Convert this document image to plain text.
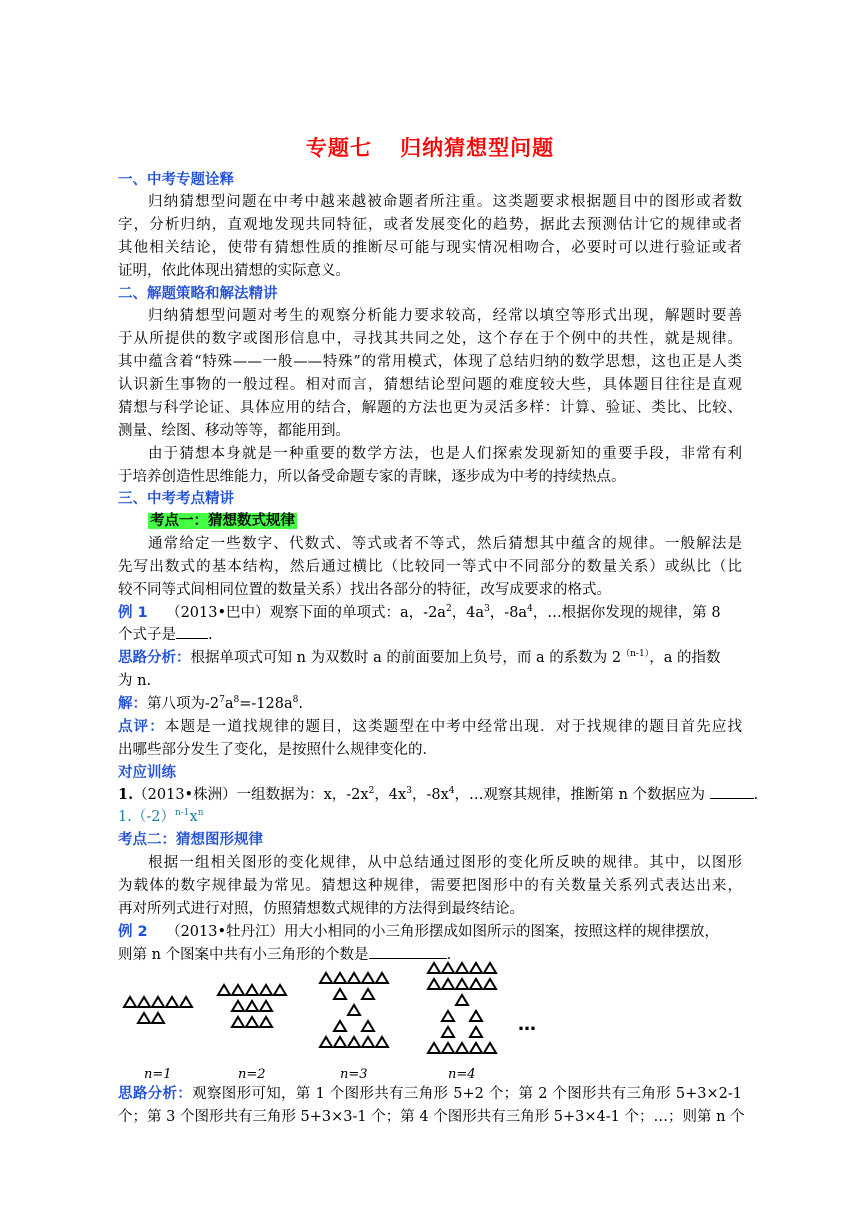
专题七 归纳猜想型问题
一、中考专题诠释
归纳猜想型问题在中考中越来越被命题者所注重。这类题要求根据题目中的图形或者数
字，分析归纳，直观地发现共同特征，或者发展变化的趋势，据此去预测估计它的规律或者
其他相关结论，使带有猜想性质的推断尽可能与现实情况相吻合，必要时可以进行验证或者
证明，依此体现出猜想的实际意义。
二、解题策略和解法精讲
归纳猜想型问题对考生的观察分析能力要求较高，经常以填空等形式出现，解题时要善
于从所提供的数字或图形信息中，寻找其共同之处，这个存在于个例中的共性，就是规律。
其中蕴含着“特殊——一般——特殊”的常用模式，体现了总结归纳的数学思想，这也正是人类
认识新生事物的一般过程。相对而言，猜想结论型问题的难度较大些，具体题目往往是直观
猜想与科学论证、具体应用的结合，解题的方法也更为灵活多样：计算、验证、类比、比较、
测量、绘图、移动等等，都能用到。
由于猜想本身就是一种重要的数学方法，也是人们探索发现新知的重要手段，非常有利
于培养创造性思维能力，所以备受命题专家的青睐，逐步成为中考的持续热点。
三、中考考点精讲
考点一：猜想数式规律
通常给定一些数字、代数式、等式或者不等式，然后猜想其中蕴含的规律。一般解法是
先写出数式的基本结构，然后通过横比（比较同一等式中不同部分的数量关系）或纵比（比
较不同等式间相同位置的数量关系）找出各部分的特征，改写成要求的格式。
例 1 （2013•巴中）观察下面的单项式：a，$-2a^2$，$4a^3$，$-8a^4$，…根据你发现的规律，第 8
个式子是 .
思路分析：根据单项式可知 n 为双数时 a 的前面要加上负号，而 a 的系数为 $2^{(n-1)}$，a 的指数
为 n.
解：第八项为$-2^7a^8=-128a^8$.
点评：本题是一道找规律的题目，这类题型在中考中经常出现．对于找规律的题目首先应找
出哪些部分发生了变化，是按照什么规律变化的．
对应训练
1.（2013•株洲）一组数据为：x，$-2x^2$，$4x^3$，$-8x^4$，…观察其规律，推断第 n 个数据应为	.
$1.(-2)^{n-1}x^n$
考点二：猜想图形规律
根据一组相关图形的变化规律，从中总结通过图形的变化所反映的规律。其中，以图形
为载体的数字规律最为常见。猜想这种规律，需要把图形中的有关数量关系列式表达出来，
再对所列式进行对照，仿照猜想数式规律的方法得到最终结论。
例 2 （2013•牡丹江）用大小相同的小三角形摆成如图所示的图案，按照这样的规律摆放，
则第 n 个图案中共有小三角形的个数是	.
…
n=1	n=2	n=3	n=4
思路分析：观察图形可知，第 1 个图形共有三角形 5+2 个；第 2 个图形共有三角形 5+3×2-1
个；第 3 个图形共有三角形 5+3×3-1 个；第 4 个图形共有三角形 5+3×4-1 个；…；则第 n 个
